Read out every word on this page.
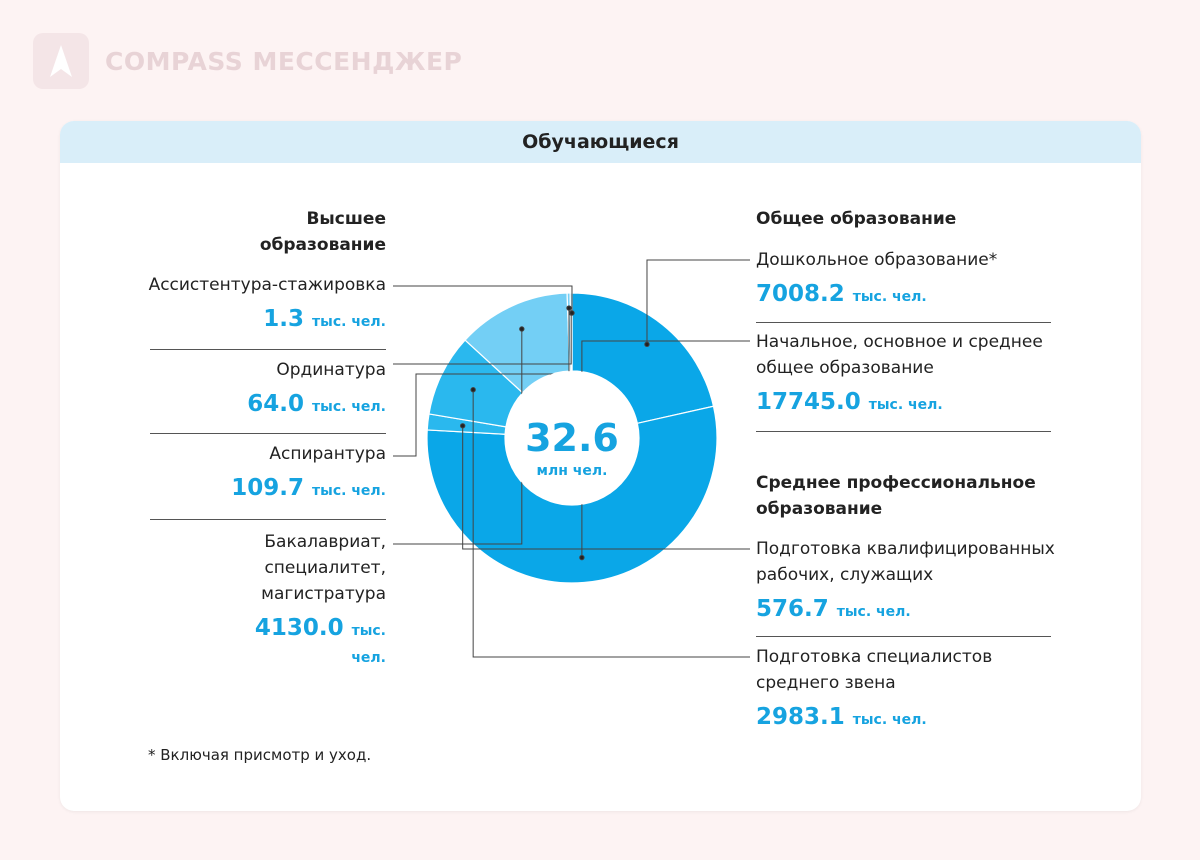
COMPASS МЕССЕНДЖЕР
Обучающиеся
32.6
млн чел.
Высшее образование
Ассистентура-стажировка
1.3 тыс. чел.
Ординатура
64.0 тыс. чел.
Аспирантура
109.7 тыс. чел.
Бакалавриат, специалитет, магистратура
4130.0 тыс. чел.
Общее образование
Дошкольное образование*
7008.2 тыс. чел.
Начальное, основное и среднее общее образование
17745.0 тыс. чел.
Среднее профессиональное образование
Подготовка квалифицированных рабочих, служащих
576.7 тыс. чел.
Подготовка специалистов среднего звена
2983.1 тыс. чел.
* Включая присмотр и уход.
